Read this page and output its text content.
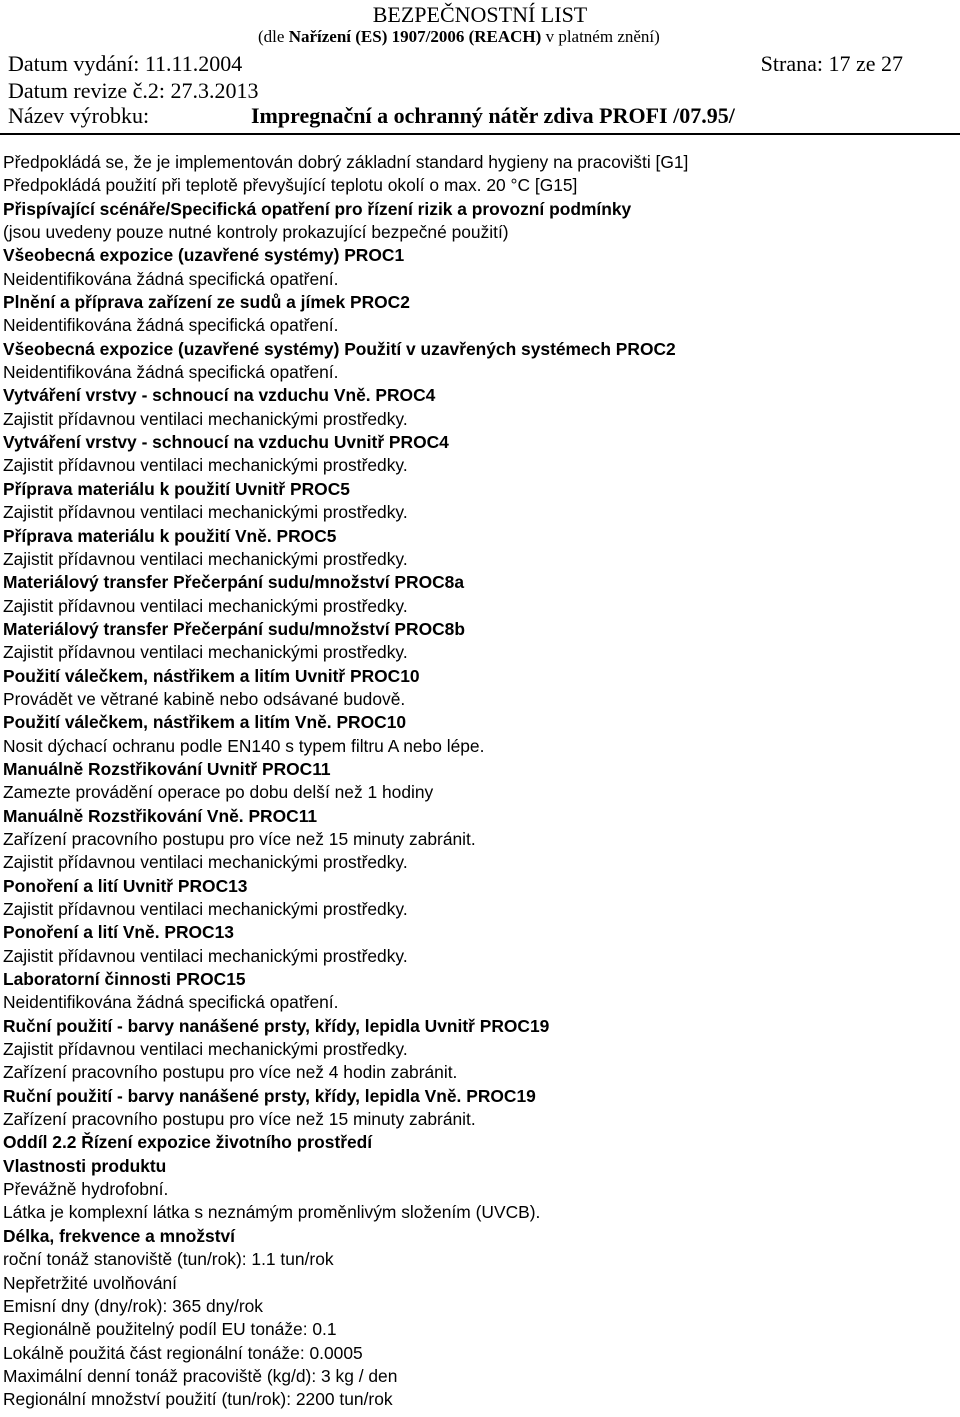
BEZPEČNOSTNÍ LIST
(dle Nařízení (ES) 1907/2006 (REACH) v platném znění)
Datum vydání: 11.11.2004	Strana: 17 ze 27
Datum revize č.2: 27.3.2013
Název výrobku:	Impregnační a ochranný nátěr zdiva PROFI /07.95/
Předpokládá se, že je implementován dobrý základní standard hygieny na pracovišti [G1]
Předpokládá použití při teplotě převyšující teplotu okolí o max. 20 °C [G15]
Přispívající scénáře/Specifická opatření pro řízení rizik a provozní podmínky
(jsou uvedeny pouze nutné kontroly prokazující bezpečné použití)
Všeobecná expozice (uzavřené systémy) PROC1
Neidentifikována žádná specifická opatření.
Plnění a příprava zařízení ze sudů a jímek PROC2
Neidentifikována žádná specifická opatření.
Všeobecná expozice (uzavřené systémy) Použití v uzavřených systémech PROC2
Neidentifikována žádná specifická opatření.
Vytváření vrstvy - schnoucí na vzduchu Vně. PROC4
Zajistit přídavnou ventilaci mechanickými prostředky.
Vytváření vrstvy - schnoucí na vzduchu Uvnitř PROC4
Zajistit přídavnou ventilaci mechanickými prostředky.
Příprava materiálu k použití Uvnitř PROC5
Zajistit přídavnou ventilaci mechanickými prostředky.
Příprava materiálu k použití Vně. PROC5
Zajistit přídavnou ventilaci mechanickými prostředky.
Materiálový transfer Přečerpání sudu/množství PROC8a
Zajistit přídavnou ventilaci mechanickými prostředky.
Materiálový transfer Přečerpání sudu/množství PROC8b
Zajistit přídavnou ventilaci mechanickými prostředky.
Použití válečkem, nástřikem a litím Uvnitř PROC10
Provádět ve větrané kabině nebo odsávané budově.
Použití válečkem, nástřikem a litím Vně. PROC10
Nosit dýchací ochranu podle EN140 s typem filtru A nebo lépe.
Manuálně Rozstřikování Uvnitř PROC11
Zamezte provádění operace po dobu delší než 1 hodiny
Manuálně Rozstřikování Vně. PROC11
Zařízení pracovního postupu pro více než 15 minuty zabránit.
Zajistit přídavnou ventilaci mechanickými prostředky.
Ponoření a lití Uvnitř PROC13
Zajistit přídavnou ventilaci mechanickými prostředky.
Ponoření a lití Vně. PROC13
Zajistit přídavnou ventilaci mechanickými prostředky.
Laboratorní činnosti PROC15
Neidentifikována žádná specifická opatření.
Ruční použití - barvy nanášené prsty, křídy, lepidla Uvnitř PROC19
Zajistit přídavnou ventilaci mechanickými prostředky.
Zařízení pracovního postupu pro více než 4 hodin zabránit.
Ruční použití - barvy nanášené prsty, křídy, lepidla Vně. PROC19
Zařízení pracovního postupu pro více než 15 minuty zabránit.
Oddíl 2.2 Řízení expozice životního prostředí
Vlastnosti produktu
Převážně hydrofobní.
Látka je komplexní látka s neznámým proměnlivým složením (UVCB).
Délka, frekvence a množství
roční tonáž stanoviště (tun/rok): 1.1 tun/rok
Nepřetržité uvolňování
Emisní dny (dny/rok): 365 dny/rok
Regionálně použitelný podíl EU tonáže: 0.1
Lokálně použitá část regionální tonáže: 0.0005
Maximální denní tonáž pracoviště (kg/d): 3 kg / den
Regionální množství použití (tun/rok): 2200 tun/rok
